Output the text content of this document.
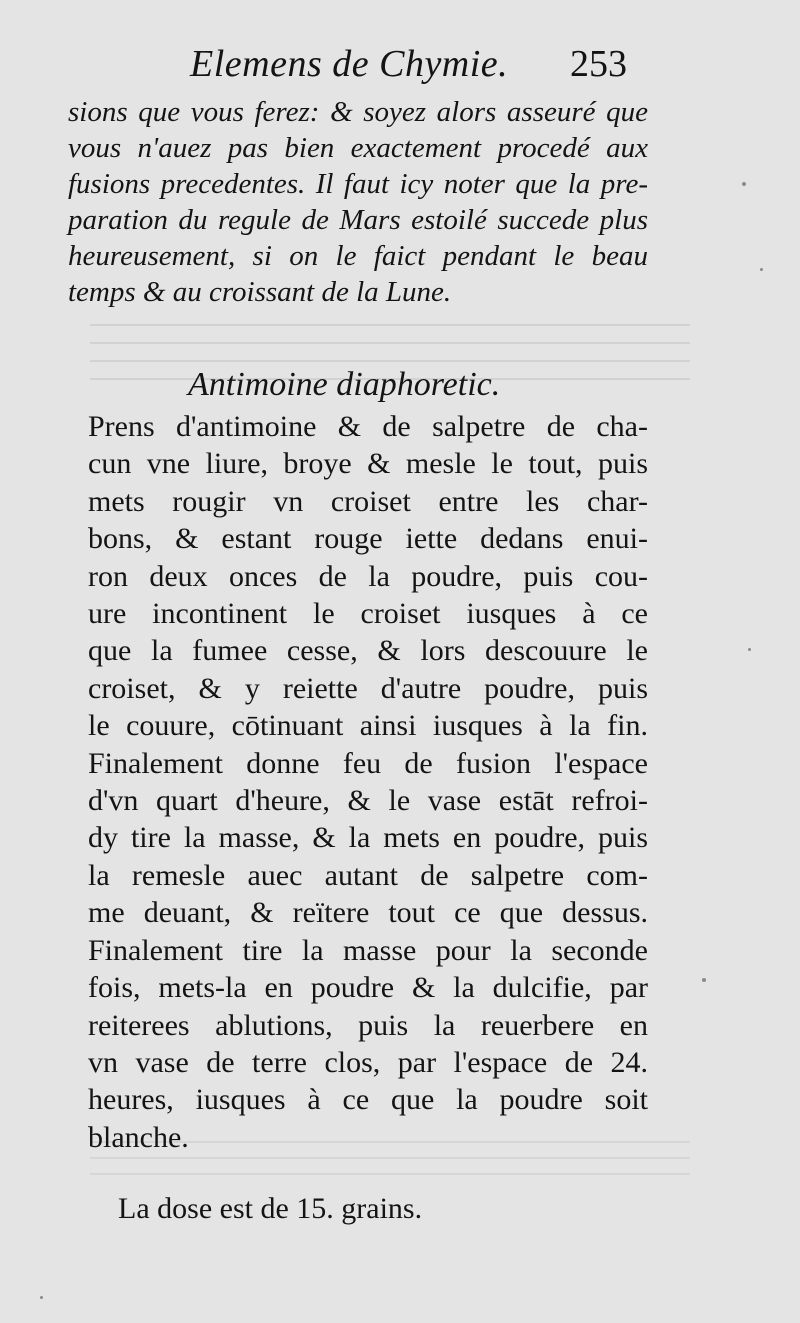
Elemens de Chymie. 253
sions que vous ferez: & soyez alors asseuré que
vous n'auez pas bien exactement procedé aux
fusions precedentes. Il faut icy noter que la pre-
paration du regule de Mars estoilé succede plus
heureusement, si on le faict pendant le beau
temps & au croissant de la Lune.
Antimoine diaphoretic.
Prens d'antimoine & de salpetre de cha-
cun vne liure, broye & mesle le tout, puis
mets rougir vn croiset entre les char-
bons, & estant rouge iette dedans enui-
ron deux onces de la poudre, puis cou-
ure incontinent le croiset iusques à ce
que la fumee cesse, & lors descouure le
croiset, & y reiette d'autre poudre, puis
le couure, cōtinuant ainsi iusques à la fin.
Finalement donne feu de fusion l'espace
d'vn quart d'heure, & le vase estāt refroi-
dy tire la masse, & la mets en poudre, puis
la remesle auec autant de salpetre com-
me deuant, & reïtere tout ce que dessus.
Finalement tire la masse pour la seconde
fois, mets-la en poudre & la dulcifie, par
reiterees ablutions, puis la reuerbere en
vn vase de terre clos, par l'espace de 24.
heures, iusques à ce que la poudre soit
blanche.
La dose est de 15. grains.
